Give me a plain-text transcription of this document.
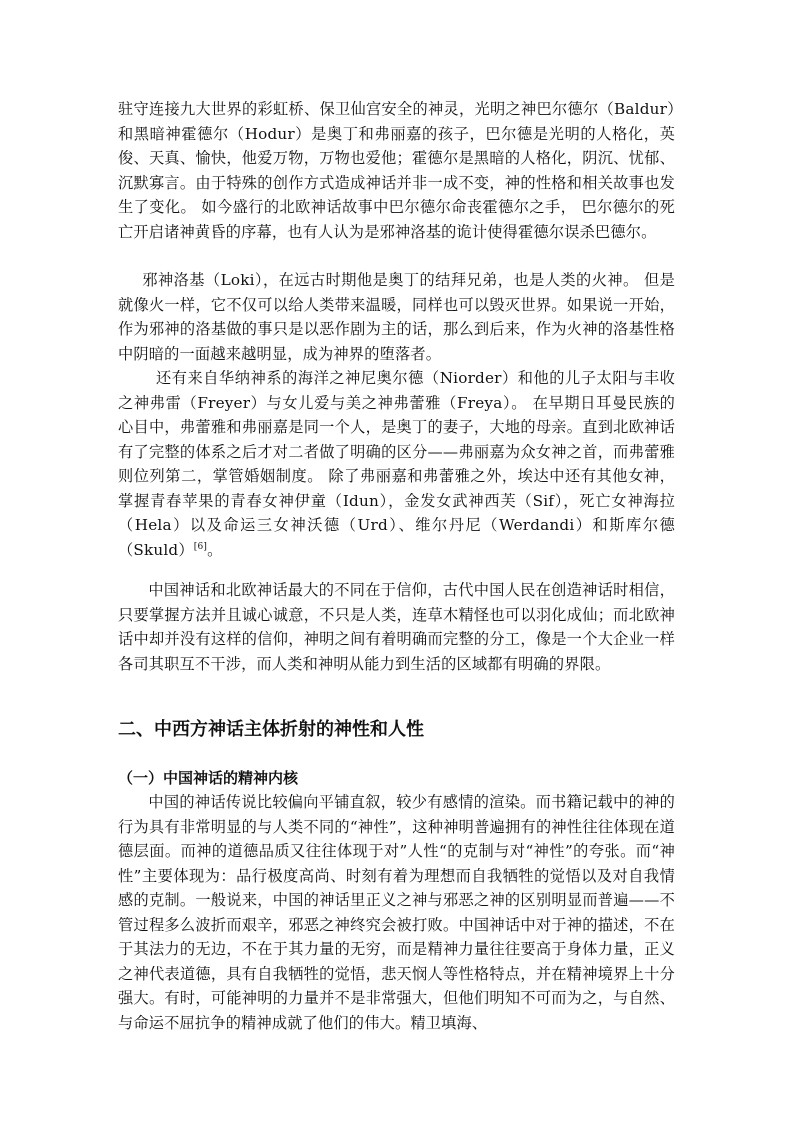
驻守连接九大世界的彩虹桥、保卫仙宫安全的神灵，光明之神巴尔德尔（Baldur）和黑暗神霍德尔（Hodur）是奥丁和弗丽嘉的孩子，巴尔德是光明的人格化，英俊、天真、愉快，他爱万物，万物也爱他；霍德尔是黑暗的人格化，阴沉、忧郁、沉默寡言。由于特殊的创作方式造成神话并非一成不变，神的性格和相关故事也发生了变化。 如今盛行的北欧神话故事中巴尔德尔命丧霍德尔之手， 巴尔德尔的死亡开启诸神黄昏的序幕，也有人认为是邪神洛基的诡计使得霍德尔误杀巴德尔。

邪神洛基（Loki），在远古时期他是奥丁的结拜兄弟，也是人类的火神。 但是就像火一样，它不仅可以给人类带来温暖，同样也可以毁灭世界。如果说一开始，作为邪神的洛基做的事只是以恶作剧为主的话，那么到后来，作为火神的洛基性格中阴暗的一面越来越明显，成为神界的堕落者。

还有来自华纳神系的海洋之神尼奥尔德（Niorder）和他的儿子太阳与丰收之神弗雷（Freyer）与女儿爱与美之神弗蕾雅（Freya）。 在早期日耳曼民族的心目中，弗蕾雅和弗丽嘉是同一个人，是奥丁的妻子，大地的母亲。直到北欧神话有了完整的体系之后才对二者做了明确的区分——弗丽嘉为众女神之首，而弗蕾雅则位列第二，掌管婚姻制度。 除了弗丽嘉和弗蕾雅之外，埃达中还有其他女神，掌握青春苹果的青春女神伊童（Idun），金发女武神西芙（Sif），死亡女神海拉（Hela）以及命运三女神沃德（Urd）、维尔丹尼（Werdandi）和斯库尔德（Skuld）[6]。

中国神话和北欧神话最大的不同在于信仰，古代中国人民在创造神话时相信，只要掌握方法并且诚心诚意，不只是人类，连草木精怪也可以羽化成仙；而北欧神话中却并没有这样的信仰，神明之间有着明确而完整的分工，像是一个大企业一样各司其职互不干涉，而人类和神明从能力到生活的区域都有明确的界限。

二、中西方神话主体折射的神性和人性
（一）中国神话的精神内核

中国的神话传说比较偏向平铺直叙，较少有感情的渲染。而书籍记载中的神的行为具有非常明显的与人类不同的“神性”，这种神明普遍拥有的神性往往体现在道德层面。而神的道德品质又往往体现于对”人性“的克制与对“神性”的夸张。而“神性”主要体现为：品行极度高尚、时刻有着为理想而自我牺牲的觉悟以及对自我情感的克制。一般说来，中国的神话里正义之神与邪恶之神的区别明显而普遍——不管过程多么波折而艰辛，邪恶之神终究会被打败。中国神话中对于神的描述，不在于其法力的无边，不在于其力量的无穷，而是精神力量往往要高于身体力量，正义之神代表道德，具有自我牺牲的觉悟，悲天悯人等性格特点，并在精神境界上十分强大。有时，可能神明的力量并不是非常强大，但他们明知不可而为之，与自然、与命运不屈抗争的精神成就了他们的伟大。精卫填海、
